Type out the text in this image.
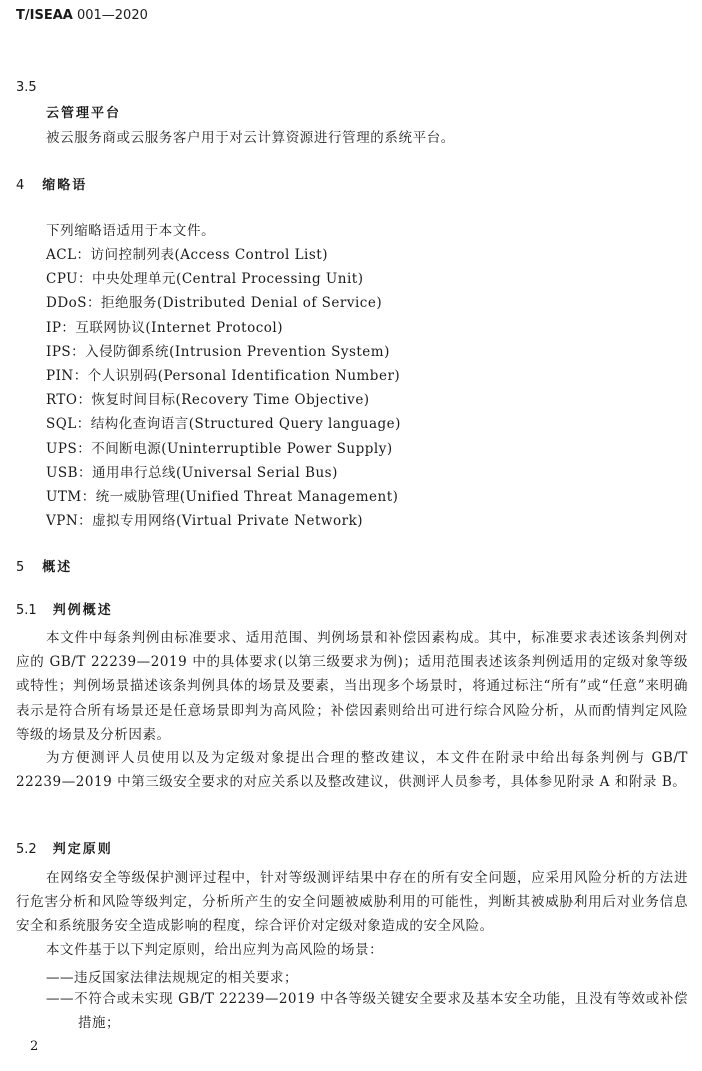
T/ISEAA 001—2020
3.5
云管理平台
被云服务商或云服务客户用于对云计算资源进行管理的系统平台。
4 缩略语
下列缩略语适用于本文件。
ACL：访问控制列表(Access Control List)
CPU：中央处理单元(Central Processing Unit)
DDoS：拒绝服务(Distributed Denial of Service)
IP：互联网协议(Internet Protocol)
IPS：入侵防御系统(Intrusion Prevention System)
PIN：个人识别码(Personal Identification Number)
RTO：恢复时间目标(Recovery Time Objective)
SQL：结构化查询语言(Structured Query language)
UPS：不间断电源(Uninterruptible Power Supply)
USB：通用串行总线(Universal Serial Bus)
UTM：统一威胁管理(Unified Threat Management)
VPN：虚拟专用网络(Virtual Private Network)
5 概述
5.1 判例概述
本文件中每条判例由标准要求、适用范围、判例场景和补偿因素构成。其中，标准要求表述该条判例对应的 GB/T 22239—2019 中的具体要求(以第三级要求为例)；适用范围表述该条判例适用的定级对象等级或特性；判例场景描述该条判例具体的场景及要素，当出现多个场景时，将通过标注“所有”或“任意”来明确表示是符合所有场景还是任意场景即判为高风险；补偿因素则给出可进行综合风险分析，从而酌情判定风险等级的场景及分析因素。
为方便测评人员使用以及为定级对象提出合理的整改建议，本文件在附录中给出每条判例与 GB/T 22239—2019 中第三级安全要求的对应关系以及整改建议，供测评人员参考，具体参见附录 A 和附录 B。
5.2 判定原则
在网络安全等级保护测评过程中，针对等级测评结果中存在的所有安全问题，应采用风险分析的方法进行危害分析和风险等级判定，分析所产生的安全问题被威胁利用的可能性，判断其被威胁利用后对业务信息安全和系统服务安全造成影响的程度，综合评价对定级对象造成的安全风险。
本文件基于以下判定原则，给出应判为高风险的场景：
——违反国家法律法规规定的相关要求；
——不符合或未实现 GB/T 22239—2019 中各等级关键安全要求及基本安全功能，且没有等效或补偿措施；
2
